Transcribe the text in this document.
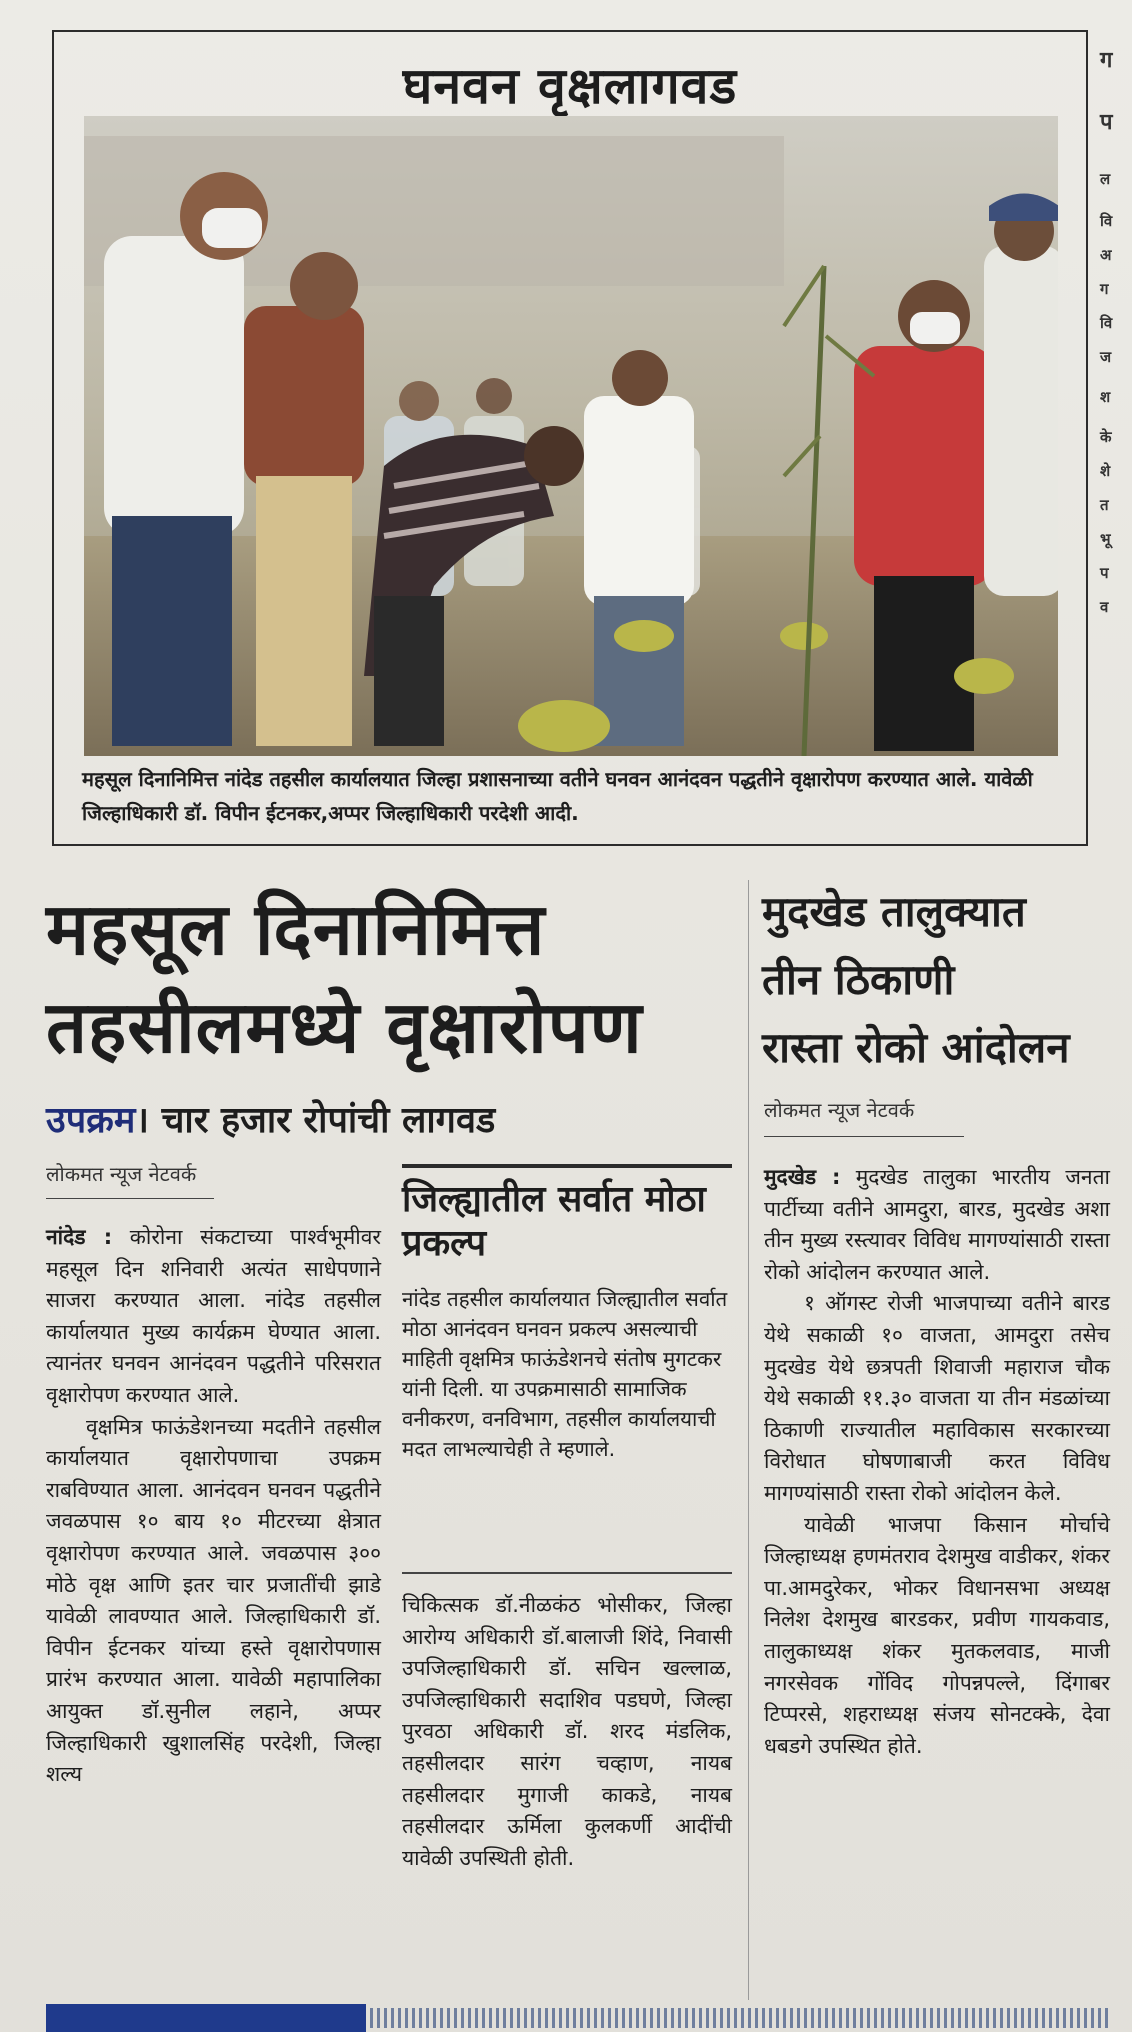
घनवन वृक्षलागवड
महसूल दिनानिमित्त नांदेड तहसील कार्यालयात जिल्हा प्रशासनाच्या वतीने घनवन आनंदवन पद्धतीने वृक्षारोपण करण्यात आले. यावेळी जिल्हाधिकारी डॉ. विपीन ईटनकर,अप्पर जिल्हाधिकारी परदेशी आदी.
ग
प
ल
वि
अ
ग
वि
ज
श
के
शे
त
भू
प
व
महसूल दिनानिमित्त
तहसीलमध्ये वृक्षारोपण
उपक्रम। चार हजार रोपांची लागवड
लोकमत न्यूज नेटवर्क

नांदेड : कोरोना संकटाच्या पार्श्वभूमीवर महसूल दिन शनिवारी अत्यंत साधेपणाने साजरा करण्यात आला. नांदेड तहसील कार्यालयात मुख्य कार्यक्रम घेण्यात आला. त्यानंतर घनवन आनंदवन पद्धतीने परिसरात वृक्षारोपण करण्यात आले.

वृक्षमित्र फाऊंडेशनच्या मदतीने तहसील कार्यालयात वृक्षारोपणाचा उपक्रम राबविण्यात आला. आनंदवन घनवन पद्धतीने जवळपास १० बाय १० मीटरच्या क्षेत्रात वृक्षारोपण करण्यात आले. जवळपास ३०० मोठे वृक्ष आणि इतर चार प्रजातींची झाडे यावेळी लावण्यात आले. जिल्हाधिकारी डॉ. विपीन ईटनकर यांच्या हस्ते वृक्षारोपणास प्रारंभ करण्यात आला. यावेळी महापालिका आयुक्त डॉ.सुनील लहाने, अप्पर जिल्हाधिकारी खुशालसिंह परदेशी, जिल्हा शल्य

जिल्ह्यातील सर्वात मोठा प्रकल्प

नांदेड तहसील कार्यालयात जिल्ह्यातील सर्वात मोठा आनंदवन घनवन प्रकल्प असल्याची माहिती वृक्षमित्र फाऊंडेशनचे संतोष मुगटकर यांनी दिली. या उपक्रमासाठी सामाजिक वनीकरण, वनविभाग, तहसील कार्यालयाची मदत लाभल्याचेही ते म्हणाले.

चिकित्सक डॉ.नीळकंठ भोसीकर, जिल्हा आरोग्य अधिकारी डॉ.बालाजी शिंदे, निवासी उपजिल्हाधिकारी डॉ. सचिन खल्लाळ, उपजिल्हाधिकारी सदाशिव पडघणे, जिल्हा पुरवठा अधिकारी डॉ. शरद मंडलिक, तहसीलदार सारंग चव्हाण, नायब तहसीलदार मुगाजी काकडे, नायब तहसीलदार ऊर्मिला कुलकर्णी आदींची यावेळी उपस्थिती होती.

मुदखेड तालुक्यात
तीन ठिकाणी
रास्ता रोको आंदोलन
लोकमत न्यूज नेटवर्क

मुदखेड : मुदखेड तालुका भारतीय जनता पार्टीच्या वतीने आमदुरा, बारड, मुदखेड अशा तीन मुख्य रस्त्यावर विविध मागण्यांसाठी रास्ता रोको आंदोलन करण्यात आले.

१ ऑगस्ट रोजी भाजपाच्या वतीने बारड येथे सकाळी १० वाजता, आमदुरा तसेच मुदखेड येथे छत्रपती शिवाजी महाराज चौक येथे सकाळी ११.३० वाजता या तीन मंडळांच्या ठिकाणी राज्यातील महाविकास सरकारच्या विरोधात घोषणाबाजी करत विविध मागण्यांसाठी रास्ता रोको आंदोलन केले.

यावेळी भाजपा किसान मोर्चाचे जिल्हाध्यक्ष हणमंतराव देशमुख वाडीकर, शंकर पा.आमदुरेकर, भोकर विधानसभा अध्यक्ष निलेश देशमुख बारडकर, प्रवीण गायकवाड, तालुकाध्यक्ष शंकर मुतकलवाड, माजी नगरसेवक गोंविद गोपन्नपल्ले, दिंगाबर टिप्परसे, शहराध्यक्ष संजय सोनटक्के, देवा धबडगे उपस्थित होते.
